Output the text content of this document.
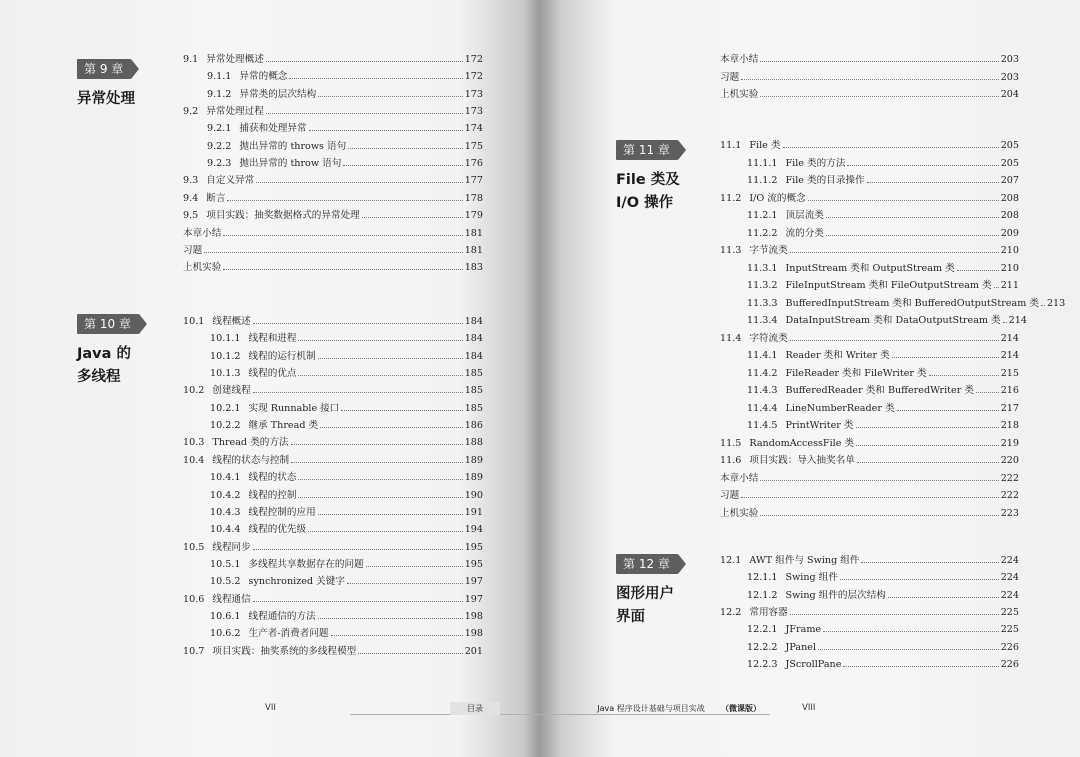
第 9 章
异常处理
第 10 章
Java 的
多线程
9.1 异常处理概述	172
9.1.1 异常的概念	172
9.1.2 异常类的层次结构	173
9.2 异常处理过程	173
9.2.1 捕获和处理异常	174
9.2.2 抛出异常的 throws 语句	175
9.2.3 抛出异常的 throw 语句	176
9.3 自定义异常	177
9.4 断言	178
9.5 项目实践：抽奖数据格式的异常处理	179
本章小结	181
习题	181
上机实验	183
10.1 线程概述	184
10.1.1 线程和进程	184
10.1.2 线程的运行机制	184
10.1.3 线程的优点	185
10.2 创建线程	185
10.2.1 实现 Runnable 接口	185
10.2.2 继承 Thread 类	186
10.3 Thread 类的方法	188
10.4 线程的状态与控制	189
10.4.1 线程的状态	189
10.4.2 线程的控制	190
10.4.3 线程控制的应用	191
10.4.4 线程的优先级	194
10.5 线程同步	195
10.5.1 多线程共享数据存在的问题	195
10.5.2 synchronized 关键字	197
10.6 线程通信	197
10.6.1 线程通信的方法	198
10.6.2 生产者-消费者问题	198
10.7 项目实践：抽奖系统的多线程模型	201
VII	目录
第 11 章
File 类及
I/O 操作
第 12 章
图形用户
界面
本章小结	203
习题	203
上机实验	204
11.1 File 类	205
11.1.1 File 类的方法	205
11.1.2 File 类的目录操作	207
11.2 I/O 流的概念	208
11.2.1 顶层流类	208
11.2.2 流的分类	209
11.3 字节流类	210
11.3.1 InputStream 类和 OutputStream 类	210
11.3.2 FileInputStream 类和 FileOutputStream 类 211
11.3.3 BufferedInputStream 类和 BufferedOutputStream 类 213
11.3.4 DataInputStream 类和 DataOutputStream 类 214
11.4 字符流类	214
11.4.1 Reader 类和 Writer 类	214
11.4.2 FileReader 类和 FileWriter 类	215
11.4.3 BufferedReader 类和 BufferedWriter 类	216
11.4.4 LineNumberReader 类	217
11.4.5 PrintWriter 类	218
11.5 RandomAccessFile 类	219
11.6 项目实践：导入抽奖名单	220
本章小结	222
习题	222
上机实验	223
12.1 AWT 组件与 Swing 组件	224
12.1.1 Swing 组件	224
12.1.2 Swing 组件的层次结构	224
12.2 常用容器	225
12.2.1 JFrame	225
12.2.2 JPanel	226
12.2.3 JScrollPane	226
Java 程序设计基础与项目实战	（微课版）	VIII
